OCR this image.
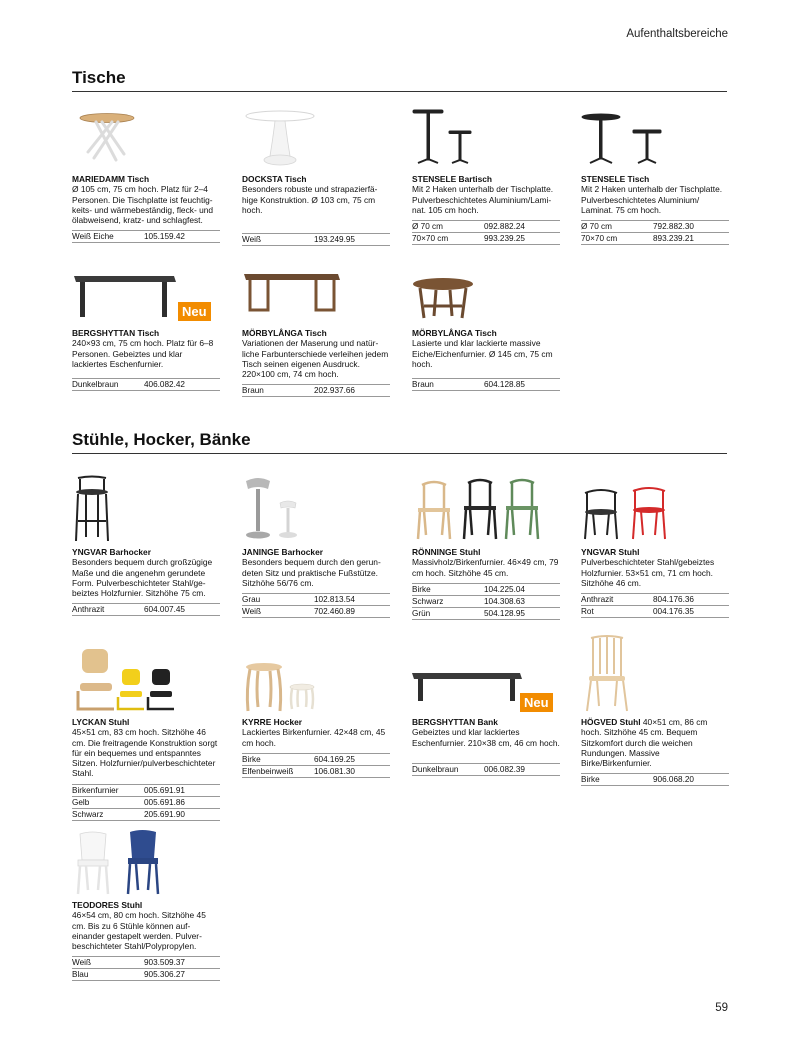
Aufenthaltsbereiche
Tische
MARIEDAMM Tisch
Ø 105 cm, 75 cm hoch. Platz für 2–4 Personen. Die Tischplatte ist feuchtig-keits- und wärmebeständig, fleck- und ölabweisend, kratz- und schlagfest.
Weiß Eiche	105.159.42
DOCKSTA Tisch
Besonders robuste und strapazierfä-hige Konstruktion. Ø 103 cm, 75 cm hoch.
Weiß	193.249.95
STENSELE Bartisch
Mit 2 Haken unterhalb der Tischplatte. Pulverbeschichtetes Aluminium/Lami-nat. 105 cm hoch.
Ø 70 cm	092.882.24
70×70 cm	993.239.25
STENSELE Tisch
Mit 2 Haken unterhalb der Tischplatte. Pulverbeschichtetes Aluminium/ Laminat. 75 cm hoch.
Ø 70 cm	792.882.30
70×70 cm	893.239.21
Neu
BERGSHYTTAN Tisch
240×93 cm, 75 cm hoch. Platz für 6–8 Personen. Gebeiztes und klar lackiertes Eschenfurnier.
Dunkelbraun	406.082.42
MÖRBYLÅNGA Tisch
Variationen der Maserung und natür-liche Farbunterschiede verleihen jedem Tisch seinen eigenen Ausdruck. 220×100 cm, 74 cm hoch.
Braun	202.937.66
MÖRBYLÅNGA Tisch
Lasierte und klar lackierte massive Eiche/Eichenfurnier. Ø 145 cm, 75 cm hoch.
Braun	604.128.85
Stühle, Hocker, Bänke
YNGVAR Barhocker
Besonders bequem durch großzügige Maße und die angenehm gerundete Form. Pulverbeschichteter Stahl/ge-beiztes Holzfurnier. Sitzhöhe 75 cm.
Anthrazit	604.007.45
JANINGE Barhocker
Besonders bequem durch den gerun-deten Sitz und praktische Fußstütze. Sitzhöhe 56/76 cm.
Grau	102.813.54
Weiß	702.460.89
RÖNNINGE Stuhl
Massivholz/Birkenfurnier. 46×49 cm, 79 cm hoch. Sitzhöhe 45 cm.
Birke	104.225.04
Schwarz	104.308.63
Grün	504.128.95
YNGVAR Stuhl
Pulverbeschichteter Stahl/gebeiztes Holzfurnier. 53×51 cm, 71 cm hoch. Sitzhöhe 46 cm.
Anthrazit	804.176.36
Rot	004.176.35
LYCKAN Stuhl
45×51 cm, 83 cm hoch. Sitzhöhe 46 cm. Die freitragende Konstruktion sorgt für ein bequemes und entspanntes Sitzen. Holzfurnier/pulverbeschichteter Stahl.
Birkenfurnier	005.691.91
Gelb	005.691.86
Schwarz	205.691.90
KYRRE Hocker
Lackiertes Birkenfurnier. 42×48 cm, 45 cm hoch.
Birke	604.169.25
Elfenbeinweiß	106.081.30
Neu
BERGSHYTTAN Bank
Gebeiztes und klar lackiertes Eschenfurnier. 210×38 cm, 46 cm hoch.
Dunkelbraun	006.082.39
HÖGVED Stuhl 40×51 cm, 86 cm hoch. Sitzhöhe 45 cm. Bequem Sitzkomfort durch die weichen Rundungen. Massive Birke/Birkenfurnier.
Birke	906.068.20
TEODORES Stuhl
46×54 cm, 80 cm hoch. Sitzhöhe 45 cm. Bis zu 6 Stühle können auf-einander gestapelt werden. Pulver-beschichteter Stahl/Polypropylen.
Weiß	903.509.37
Blau	905.306.27
59
